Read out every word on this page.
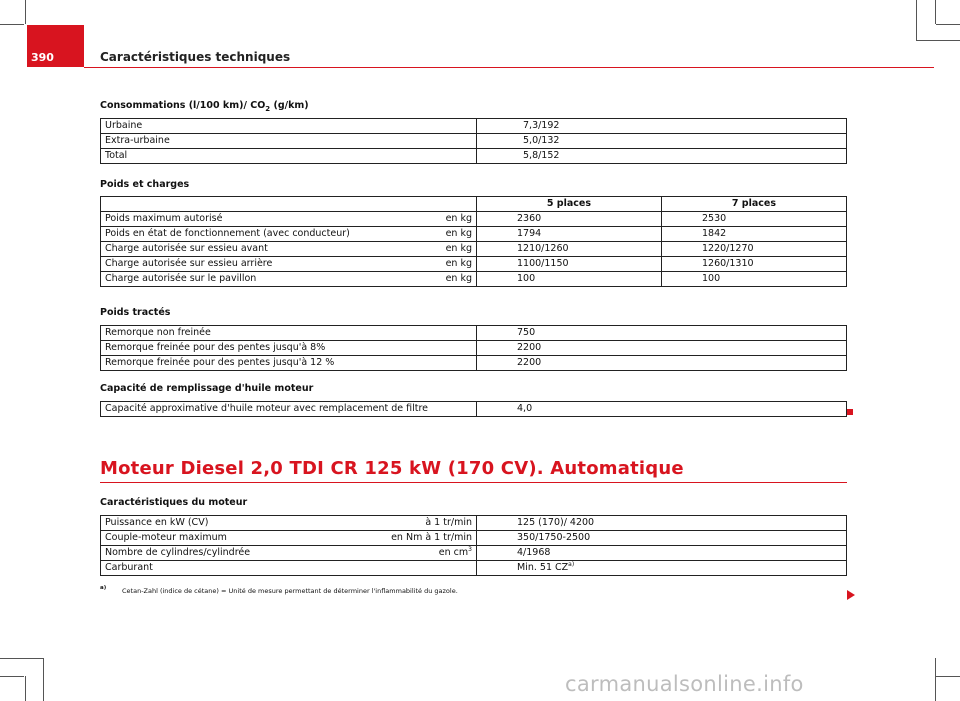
390	Caractéristiques techniques
Consommations (l/100 km)/ $CO_2$ (g/km)
Urbaine	7,3/192
Extra-urbaine	5,0/132
Total	5,8/152
Poids et charges
		5 places	7 places
Poids maximum autorisé	en kg	2360	2530
Poids en état de fonctionnement (avec conducteur)	en kg	1794	1842
Charge autorisée sur essieu avant	en kg	1210/1260	1220/1270
Charge autorisée sur essieu arrière	en kg	1100/1150	1260/1310
Charge autorisée sur le pavillon	en kg	100	100
Poids tractés
Remorque non freinée	750
Remorque freinée pour des pentes jusqu'à 8%	2200
Remorque freinée pour des pentes jusqu'à 12 %	2200
Capacité de remplissage d'huile moteur
Capacité approximative d'huile moteur avec remplacement de filtre	4,0
Moteur Diesel 2,0 TDI CR 125 kW (170 CV). Automatique
Caractéristiques du moteur
Puissance en kW (CV)	à 1 tr/min	125 (170)/ 4200
Couple-moteur maximum	en Nm à 1 tr/min	350/1750-2500
Nombre de cylindres/cylindrée	en $cm^3$	4/1968
Carburant		Min. 51 CZ$^{a)}$
a) Cetan-Zahl (indice de cétane) = Unité de mesure permettant de déterminer l'inflammabilité du gazole.
carmanualsonline.info
